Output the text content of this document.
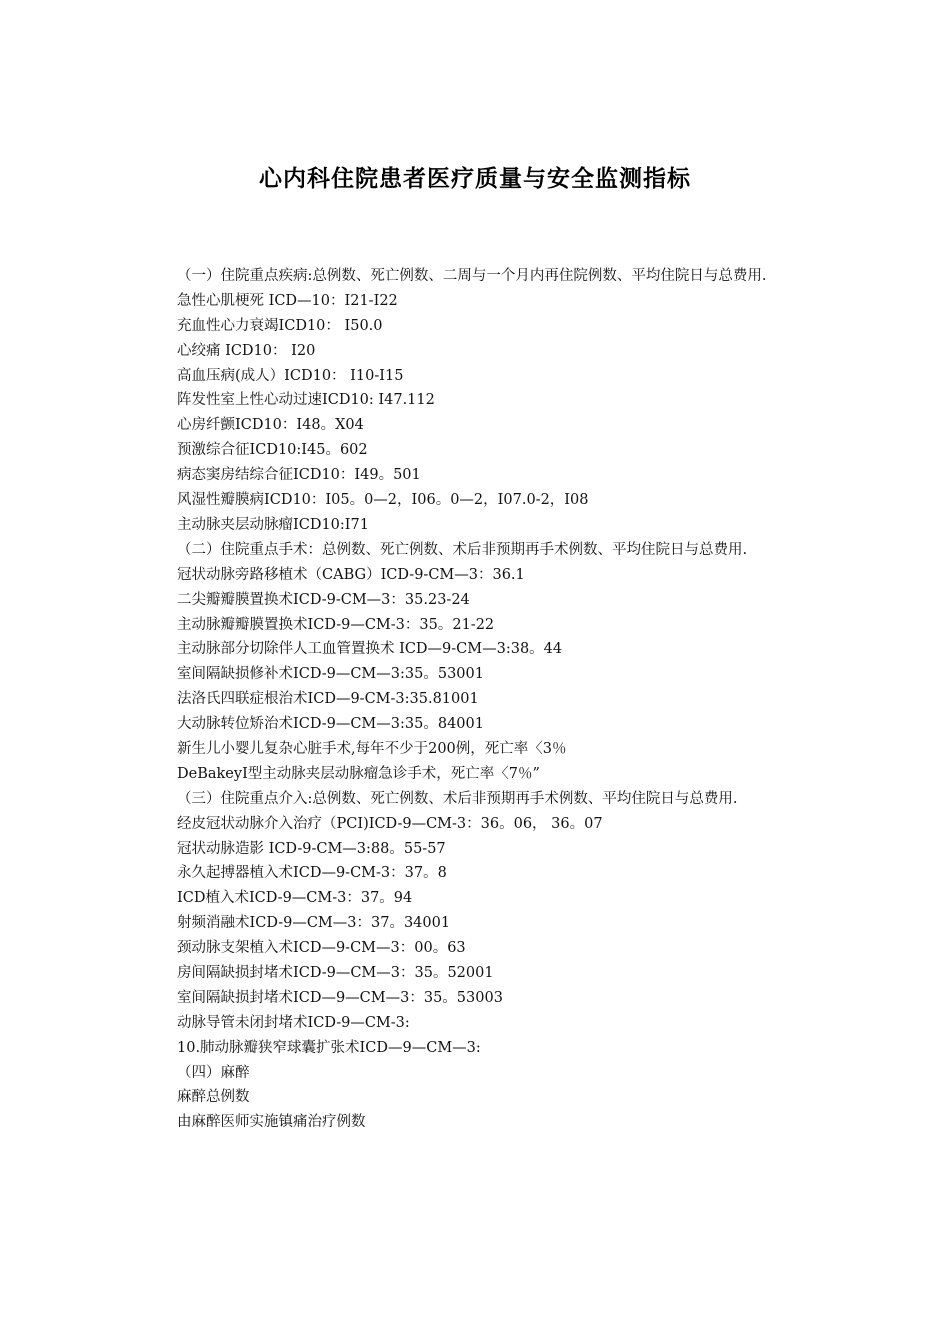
心内科住院患者医疗质量与安全监测指标
（一）住院重点疾病:总例数、死亡例数、二周与一个月内再住院例数、平均住院日与总费用.
急性心肌梗死 ICD—10：I21-I22
充血性心力衰竭ICD10： I50.0
心绞痛 ICD10： I20
高血压病(成人）ICD10： I10-I15
阵发性室上性心动过速ICD10: I47.112
心房纤颤ICD10：I48。X04
预激综合征ICD10:I45。602
病态窦房结综合征ICD10：I49。501
风湿性瓣膜病ICD10：I05。0—2，I06。0—2，I07.0-2，I08
主动脉夹层动脉瘤ICD10:I71
（二）住院重点手术：总例数、死亡例数、术后非预期再手术例数、平均住院日与总费用.
冠状动脉旁路移植术（CABG）ICD-9-CM—3：36.1
二尖瓣瓣膜置换术ICD-9-CM—3：35.23-24
主动脉瓣瓣膜置换术ICD-9—CM-3：35。21-22
主动脉部分切除伴人工血管置换术 ICD—9-CM—3:38。44
室间隔缺损修补术ICD-9—CM—3:35。53001
法洛氏四联症根治术ICD—9-CM-3:35.81001
大动脉转位矫治术ICD-9—CM—3:35。84001
新生儿小婴儿复杂心脏手术,每年不少于200例，死亡率〈3％
DeBakeyⅠ型主动脉夹层动脉瘤急诊手术，死亡率〈7％”
（三）住院重点介入:总例数、死亡例数、术后非预期再手术例数、平均住院日与总费用.
经皮冠状动脉介入治疗（PCI)ICD-9—CM-3：36。06， 36。07
冠状动脉造影 ICD-9-CM—3:88。55-57
永久起搏器植入术ICD—9-CM-3：37。8
ICD植入术ICD-9—CM-3：37。94
射频消融术ICD-9—CM—3：37。34001
颈动脉支架植入术ICD—9-CM—3：00。63
房间隔缺损封堵术ICD-9—CM—3：35。52001
室间隔缺损封堵术ICD—9—CM—3：35。53003
动脉导管未闭封堵术ICD-9—CM-3:
10.肺动脉瓣狭窄球囊扩张术ICD—9—CM—3:
（四）麻醉
麻醉总例数
由麻醉医师实施镇痛治疗例数
